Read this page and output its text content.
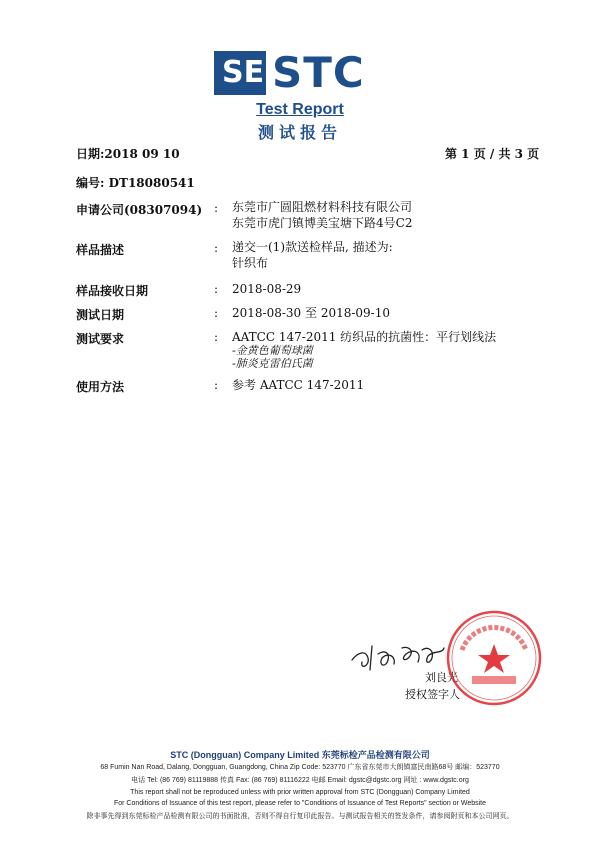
SE STC
Test Report
测试报告
日期:2018 09 10	第 1 页 / 共 3 页
编号: DT18080541
申请公司(08307094) : 东莞市广圆阻燃材料科技有限公司
东莞市虎门镇博美宝塘下路4号C2
样品描述	: 递交一(1)款送检样品, 描述为:
针织布
样品接收日期	: 2018-08-29
测试日期	: 2018-08-30 至 2018-09-10
测试要求	: AATCC 147-2011 纺织品的抗菌性：平行划线法
-金黄色葡萄球菌
-肺炎克雷伯氏菌
使用方法	: 参考 AATCC 147-2011
刘良光
授权签字人
STC (Dongguan) Company Limited 东莞标检产品检测有限公司
68 Fumin Nan Road, Dalang, Dongguan, Guangdong, China Zip Code: 523770 广东省东莞市大朗镇富民南路68号 邮编：523770
电话 Tel: (86 769) 81119888 传真 Fax: (86 769) 81116222 电邮 Email: dgstc@dgstc.org 网址 : www.dgstc.org
This report shall not be reproduced unless with prior written approval from STC (Dongguan) Company Limited
For Conditions of Issuance of this test report, please refer to "Conditions of Issuance of Test Reports" section or Website
除非事先得到东莞标检产品检测有限公司的书面批准，否则不得自行复印此报告。与测试报告相关的签发条件，请参阅附页和本公司网页。
